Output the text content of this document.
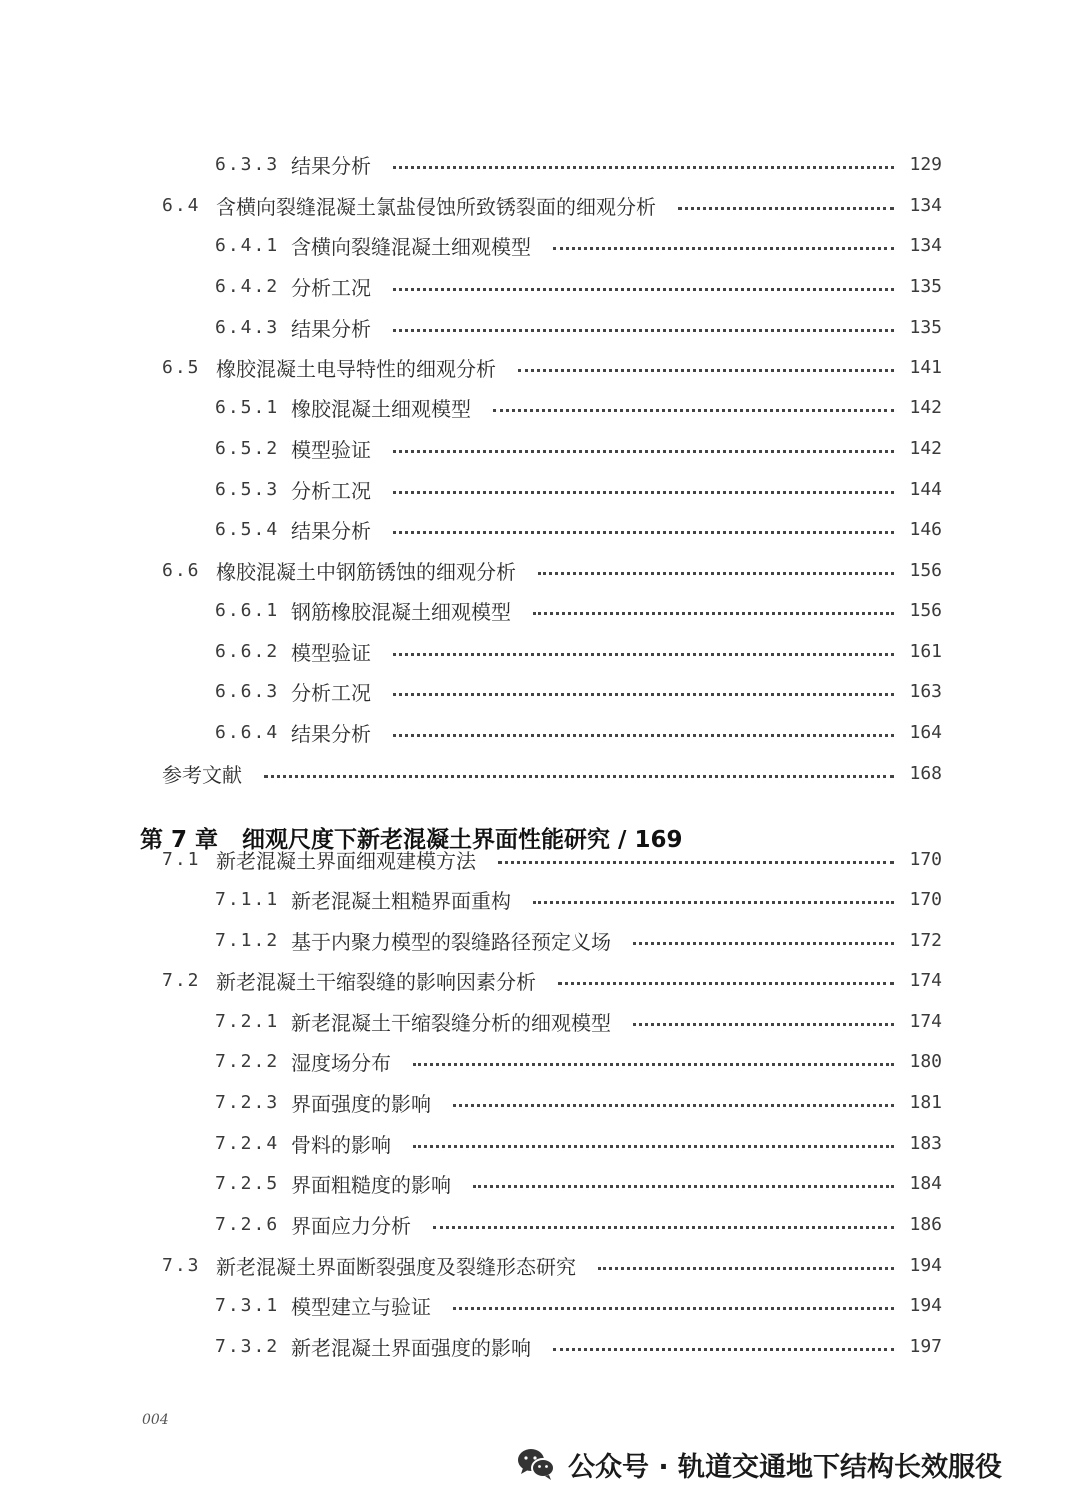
6.3.3 结果分析	129
6.4 含横向裂缝混凝土氯盐侵蚀所致锈裂面的细观分析	134
6.4.1 含横向裂缝混凝土细观模型	134
6.4.2 分析工况	135
6.4.3 结果分析	135
6.5 橡胶混凝土电导特性的细观分析	141
6.5.1 橡胶混凝土细观模型	142
6.5.2 模型验证	142
6.5.3 分析工况	144
6.5.4 结果分析	146
6.6 橡胶混凝土中钢筋锈蚀的细观分析	156
6.6.1 钢筋橡胶混凝土细观模型	156
6.6.2 模型验证	161
6.6.3 分析工况	163
6.6.4 结果分析	164
参考文献	168
7.1 新老混凝土界面细观建模方法	170
7.1.1 新老混凝土粗糙界面重构	170
7.1.2 基于内聚力模型的裂缝路径预定义场	172
7.2 新老混凝土干缩裂缝的影响因素分析	174
7.2.1 新老混凝土干缩裂缝分析的细观模型	174
7.2.2 湿度场分布	180
7.2.3 界面强度的影响	181
7.2.4 骨料的影响	183
7.2.5 界面粗糙度的影响	184
7.2.6 界面应力分析	186
7.3 新老混凝土界面断裂强度及裂缝形态研究	194
7.3.1 模型建立与验证	194
7.3.2 新老混凝土界面强度的影响	197
第 7 章 细观尺度下新老混凝土界面性能研究 / 169
004
公众号 · 轨道交通地下结构长效服役
